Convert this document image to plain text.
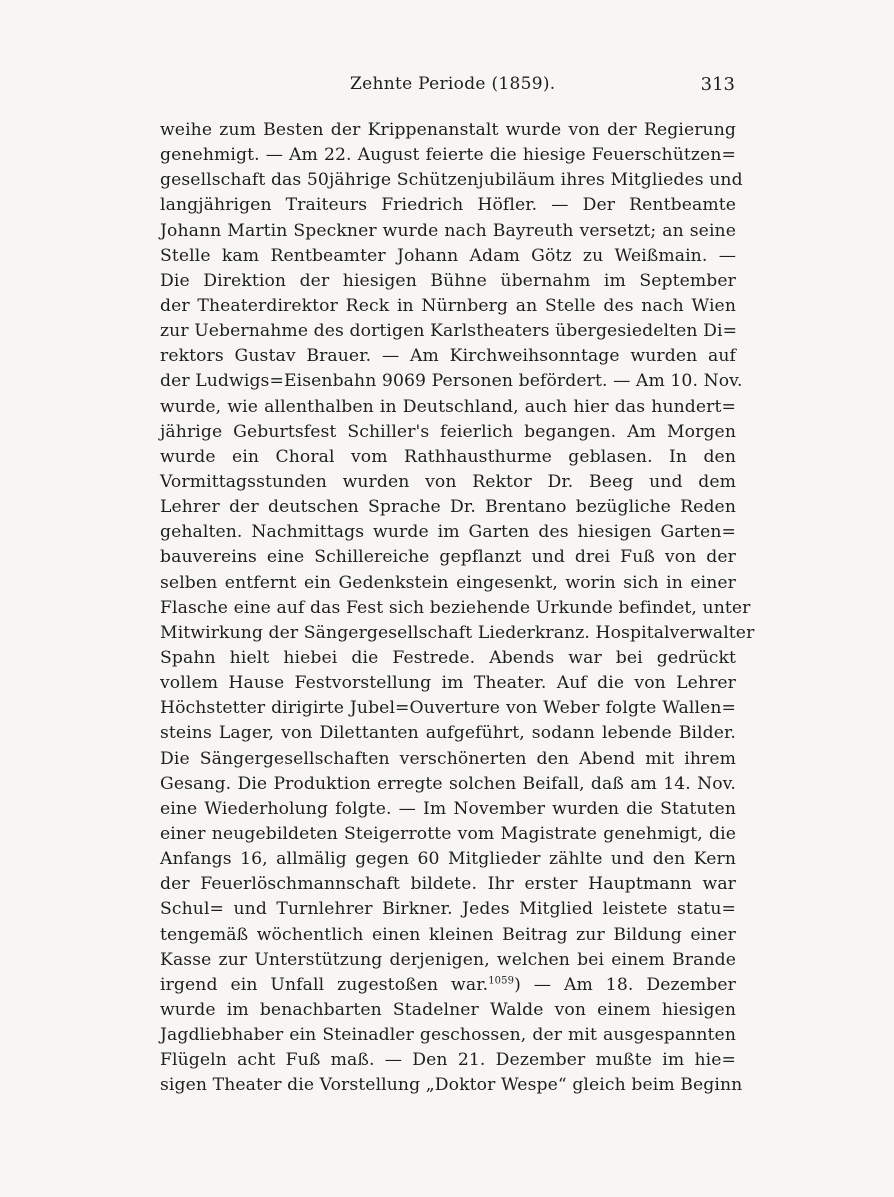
Zehnte Periode (1859).	313
weihe zum Besten der Krippenanstalt wurde von der Regierung
genehmigt. — Am 22. August feierte die hiesige Feuerschützen=
gesellschaft das 50jährige Schützenjubiläum ihres Mitgliedes und
langjährigen Traiteurs Friedrich Höfler. — Der Rentbeamte
Johann Martin Speckner wurde nach Bayreuth versetzt; an seine
Stelle kam Rentbeamter Johann Adam Götz zu Weißmain. —
Die Direktion der hiesigen Bühne übernahm im September
der Theaterdirektor Reck in Nürnberg an Stelle des nach Wien
zur Uebernahme des dortigen Karlstheaters übergesiedelten Di=
rektors Gustav Brauer. — Am Kirchweihsonntage wurden auf
der Ludwigs=Eisenbahn 9069 Personen befördert. — Am 10. Nov.
wurde, wie allenthalben in Deutschland, auch hier das hundert=
jährige Geburtsfest Schiller's feierlich begangen. Am Morgen
wurde ein Choral vom Rathhausthurme geblasen. In den
Vormittagsstunden wurden von Rektor Dr. Beeg und dem
Lehrer der deutschen Sprache Dr. Brentano bezügliche Reden
gehalten. Nachmittags wurde im Garten des hiesigen Garten=
bauvereins eine Schillereiche gepflanzt und drei Fuß von der
selben entfernt ein Gedenkstein eingesenkt, worin sich in einer
Flasche eine auf das Fest sich beziehende Urkunde befindet, unter
Mitwirkung der Sängergesellschaft Liederkranz. Hospitalverwalter
Spahn hielt hiebei die Festrede. Abends war bei gedrückt
vollem Hause Festvorstellung im Theater. Auf die von Lehrer
Höchstetter dirigirte Jubel=Ouverture von Weber folgte Wallen=
steins Lager, von Dilettanten aufgeführt, sodann lebende Bilder.
Die Sängergesellschaften verschönerten den Abend mit ihrem
Gesang. Die Produktion erregte solchen Beifall, daß am 14. Nov.
eine Wiederholung folgte. — Im November wurden die Statuten
einer neugebildeten Steigerrotte vom Magistrate genehmigt, die
Anfangs 16, allmälig gegen 60 Mitglieder zählte und den Kern
der Feuerlöschmannschaft bildete. Ihr erster Hauptmann war
Schul= und Turnlehrer Birkner. Jedes Mitglied leistete statu=
tengemäß wöchentlich einen kleinen Beitrag zur Bildung einer
Kasse zur Unterstützung derjenigen, welchen bei einem Brande
irgend ein Unfall zugestoßen war.$^{1059}$) — Am 18. Dezember
wurde im benachbarten Stadelner Walde von einem hiesigen
Jagdliebhaber ein Steinadler geschossen, der mit ausgespannten
Flügeln acht Fuß maß. — Den 21. Dezember mußte im hie=
sigen Theater die Vorstellung „Doktor Wespe“ gleich beim Beginn
